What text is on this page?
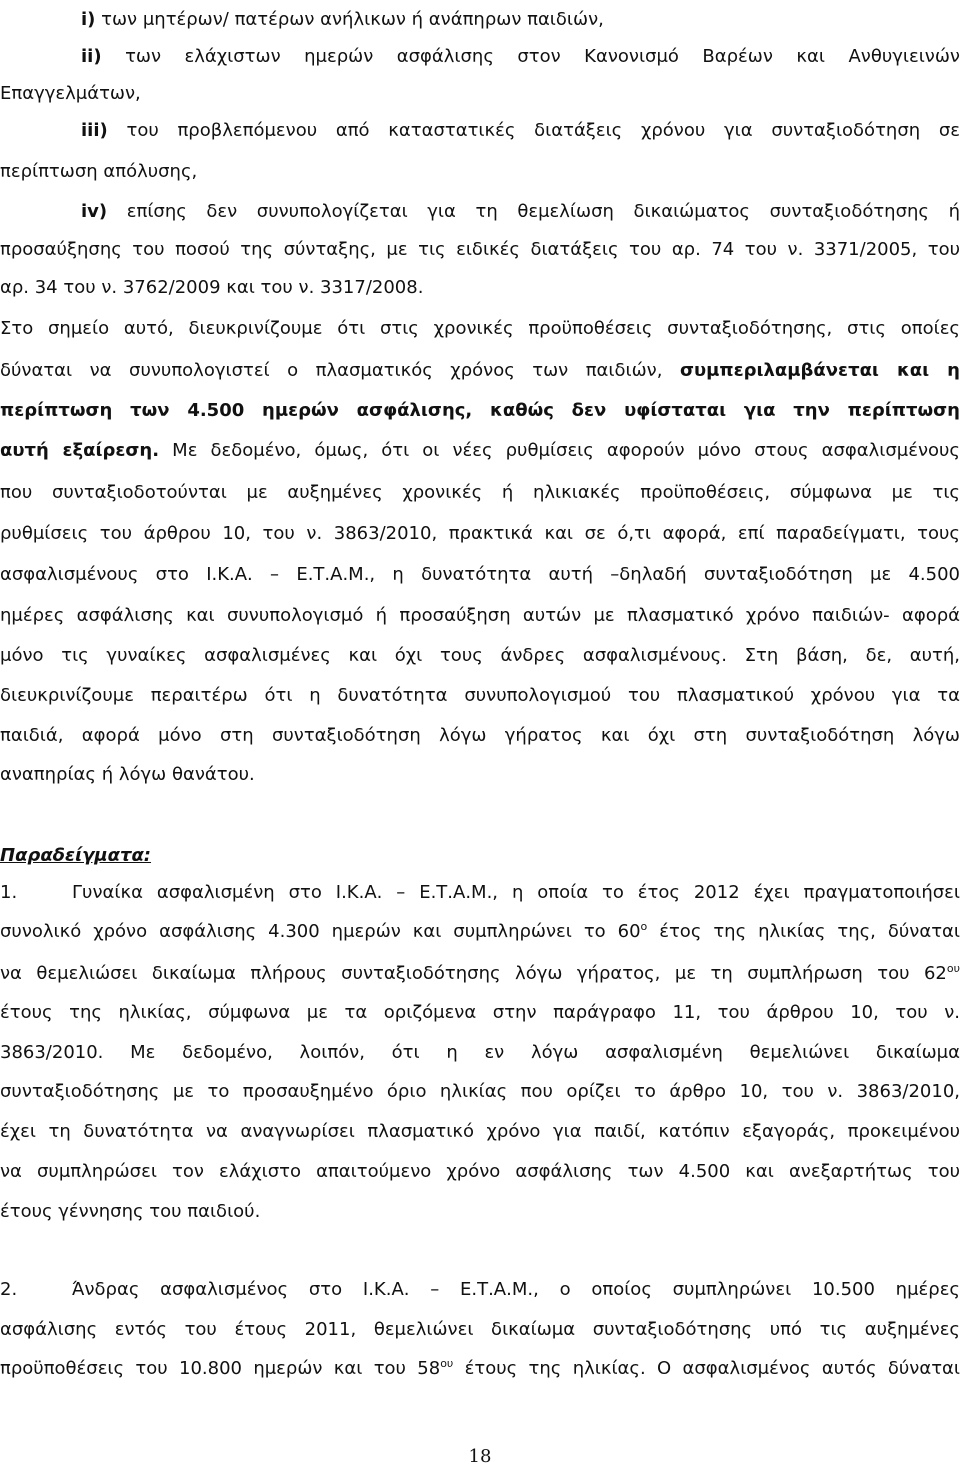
i) των μητέρων/ πατέρων ανήλικων ή ανάπηρων παιδιών,
ii) των ελάχιστων ημερών ασφάλισης στον Κανονισμό Βαρέων και Ανθυγιεινών
Επαγγελμάτων,
iii) του προβλεπόμενου από καταστατικές διατάξεις χρόνου για συνταξιοδότηση σε
περίπτωση απόλυσης,
iv) επίσης δεν συνυπολογίζεται για τη θεμελίωση δικαιώματος συνταξιοδότησης ή
προσαύξησης του ποσού της σύνταξης, με τις ειδικές διατάξεις του αρ. 74 του ν. 3371/2005, του
αρ. 34 του ν. 3762/2009 και του ν. 3317/2008.
Στο σημείο αυτό, διευκρινίζουμε ότι στις χρονικές προϋποθέσεις συνταξιοδότησης, στις οποίες
δύναται να συνυπολογιστεί ο πλασματικός χρόνος των παιδιών, συμπεριλαμβάνεται και η
περίπτωση των 4.500 ημερών ασφάλισης, καθώς δεν υφίσταται για την περίπτωση
αυτή εξαίρεση. Με δεδομένο, όμως, ότι οι νέες ρυθμίσεις αφορούν μόνο στους ασφαλισμένους
που συνταξιοδοτούνται με αυξημένες χρονικές ή ηλικιακές προϋποθέσεις, σύμφωνα με τις
ρυθμίσεις του άρθρου 10, του ν. 3863/2010, πρακτικά και σε ό,τι αφορά, επί παραδείγματι, τους
ασφαλισμένους στο Ι.Κ.Α. – Ε.Τ.Α.Μ., η δυνατότητα αυτή –δηλαδή συνταξιοδότηση με 4.500
ημέρες ασφάλισης και συνυπολογισμό ή προσαύξηση αυτών με πλασματικό χρόνο παιδιών- αφορά
μόνο τις γυναίκες ασφαλισμένες και όχι τους άνδρες ασφαλισμένους. Στη βάση, δε, αυτή,
διευκρινίζουμε περαιτέρω ότι η δυνατότητα συνυπολογισμού του πλασματικού χρόνου για τα
παιδιά, αφορά μόνο στη συνταξιοδότηση λόγω γήρατος και όχι στη συνταξιοδότηση λόγω
αναπηρίας ή λόγω θανάτου.
Παραδείγματα:
1.	Γυναίκα ασφαλισμένη στο Ι.Κ.Α. – Ε.Τ.Α.Μ., η οποία το έτος 2012 έχει πραγματοποιήσει
συνολικό χρόνο ασφάλισης 4.300 ημερών και συμπληρώνει το $60^o$ έτος της ηλικίας της, δύναται
να θεμελιώσει δικαίωμα πλήρους συνταξιοδότησης λόγω γήρατος, με τη συμπλήρωση του $62^{o\upsilon}$
έτους της ηλικίας, σύμφωνα με τα οριζόμενα στην παράγραφο 11, του άρθρου 10, του ν.
3863/2010. Με δεδομένο, λοιπόν, ότι η εν λόγω ασφαλισμένη θεμελιώνει δικαίωμα
συνταξιοδότησης με το προσαυξημένο όριο ηλικίας που ορίζει το άρθρο 10, του ν. 3863/2010,
έχει τη δυνατότητα να αναγνωρίσει πλασματικό χρόνο για παιδί, κατόπιν εξαγοράς, προκειμένου
να συμπληρώσει τον ελάχιστο απαιτούμενο χρόνο ασφάλισης των 4.500 και ανεξαρτήτως του
έτους γέννησης του παιδιού.
2.	Άνδρας ασφαλισμένος στο Ι.Κ.Α. – Ε.Τ.Α.Μ., ο οποίος συμπληρώνει 10.500 ημέρες
ασφάλισης εντός του έτους 2011, θεμελιώνει δικαίωμα συνταξιοδότησης υπό τις αυξημένες
προϋποθέσεις του 10.800 ημερών και του $58^{o\upsilon}$ έτους της ηλικίας. Ο ασφαλισμένος αυτός δύναται
18
